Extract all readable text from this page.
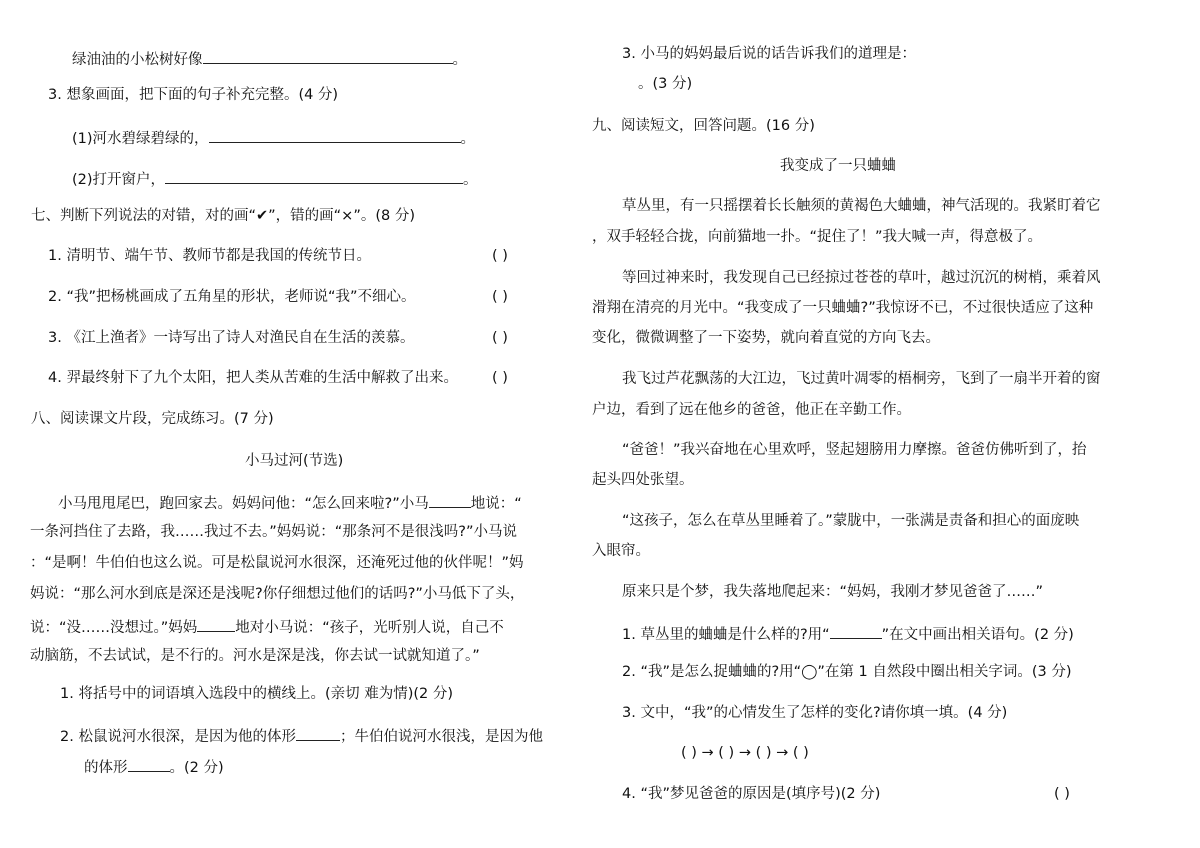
绿油油的小松树好像	。
3. 想象画面，把下面的句子补充完整。(4 分)
(1)河水碧绿碧绿的，	。
(2)打开窗户，	。
七、判断下列说法的对错，对的画“✔”，错的画“×”。(8 分)
1. 清明节、端午节、教师节都是我国的传统节日。	( )
2. “我”把杨桃画成了五角星的形状，老师说“我”不细心。	( )
3. 《江上渔者》一诗写出了诗人对渔民自在生活的羡慕。	( )
4. 羿最终射下了九个太阳，把人类从苦难的生活中解救了出来。 ( )
八、阅读课文片段，完成练习。(7 分)
小马过河(节选)
小马甩甩尾巴，跑回家去。妈妈问他：“怎么回来啦?”小马	地说：“
一条河挡住了去路，我……我过不去。”妈妈说：“那条河不是很浅吗?”小马说
：“是啊！牛伯伯也这么说。可是松鼠说河水很深，还淹死过他的伙伴呢！”妈
妈说：“那么河水到底是深还是浅呢?你仔细想过他们的话吗?”小马低下了头，
说：“没……没想过。”妈妈	地对小马说：“孩子，光听别人说，自己不
动脑筋，不去试试，是不行的。河水是深是浅，你去试一试就知道了。”
1. 将括号中的词语填入选段中的横线上。(亲切 难为情)(2 分)
2. 松鼠说河水很深，是因为他的体形	；牛伯伯说河水很浅，是因为他
的体形	。(2 分)
3. 小马的妈妈最后说的话告诉我们的道理是：
。(3 分)
九、阅读短文，回答问题。(16 分)
我变成了一只蛐蛐
草丛里，有一只摇摆着长长触须的黄褐色大蛐蛐，神气活现的。我紧盯着它
，双手轻轻合拢，向前猫地一扑。“捉住了！”我大喊一声，得意极了。
等回过神来时，我发现自己已经掠过苍苍的草叶，越过沉沉的树梢，乘着风
滑翔在清亮的月光中。“我变成了一只蛐蛐?”我惊讶不已，不过很快适应了这种
变化，微微调整了一下姿势，就向着直觉的方向飞去。
我飞过芦花飘荡的大江边，飞过黄叶凋零的梧桐旁，飞到了一扇半开着的窗
户边，看到了远在他乡的爸爸，他正在辛勤工作。
“爸爸！”我兴奋地在心里欢呼，竖起翅膀用力摩擦。爸爸仿佛听到了，抬
起头四处张望。
“这孩子，怎么在草丛里睡着了。”蒙胧中，一张满是责备和担心的面庞映
入眼帘。
原来只是个梦，我失落地爬起来：“妈妈，我刚才梦见爸爸了……”
1. 草丛里的蛐蛐是什么样的?用“	”在文中画出相关语句。(2 分)
2. “我”是怎么捉蛐蛐的?用“◯”在第 1 自然段中圈出相关字词。(3 分)
3. 文中，“我”的心情发生了怎样的变化?请你填一填。(4 分)
( ) → ( ) → ( ) → ( )
4. “我”梦见爸爸的原因是(填序号)(2 分)	( )
